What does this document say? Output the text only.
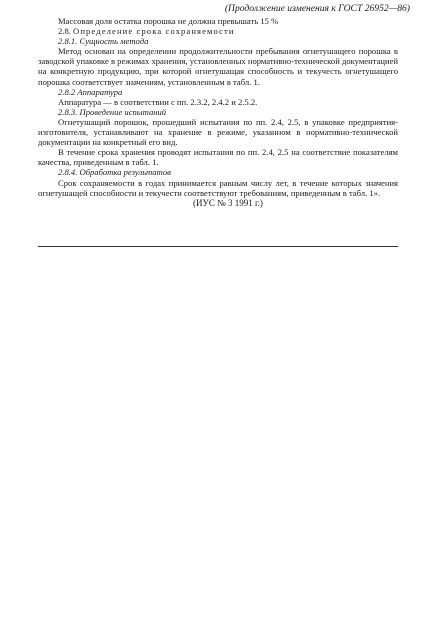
(Продолжение изменения к ГОСТ 26952—86)

Массовая доля остатка порошка не должна превышать 15 %

2.8. Определение срока сохраняемости

2.8.1. Сущность метода

Метод основан на определении продолжительности пребывания огнетушащего порошка в заводской упаковке в режимах хранения, установленных нормативно-технической документацией на конкретную продукцию, при которой огнетушащая способность и текучесть огнетушащего порошка соответствует значениям, установленным в табл. 1.

2.8.2 Аппаратура

Аппаратура — в соответствии с пп. 2.3.2, 2.4.2 и 2.5.2.

2.8.3. Проведение испытаний

Огнетушащий порошок, прошедший испытания по пп. 2.4, 2.5, в упаковке предприятия-изготовителя, устанавливают на хранение в режиме, указанном в нормативно-технической документации на конкретный его вид.

В течение срока хранения проводят испытания по пп. 2.4, 2.5 на соответствие показателям качества, приведенным в табл. 1.

2.8.4. Обработка результатов

Срок сохраняемости в годах принимается равным числу лет, в течение которых значения огнетушащей способности и текучести соответствуют требованиям, приведенным в табл. 1».

(ИУС № 3 1991 г.)
